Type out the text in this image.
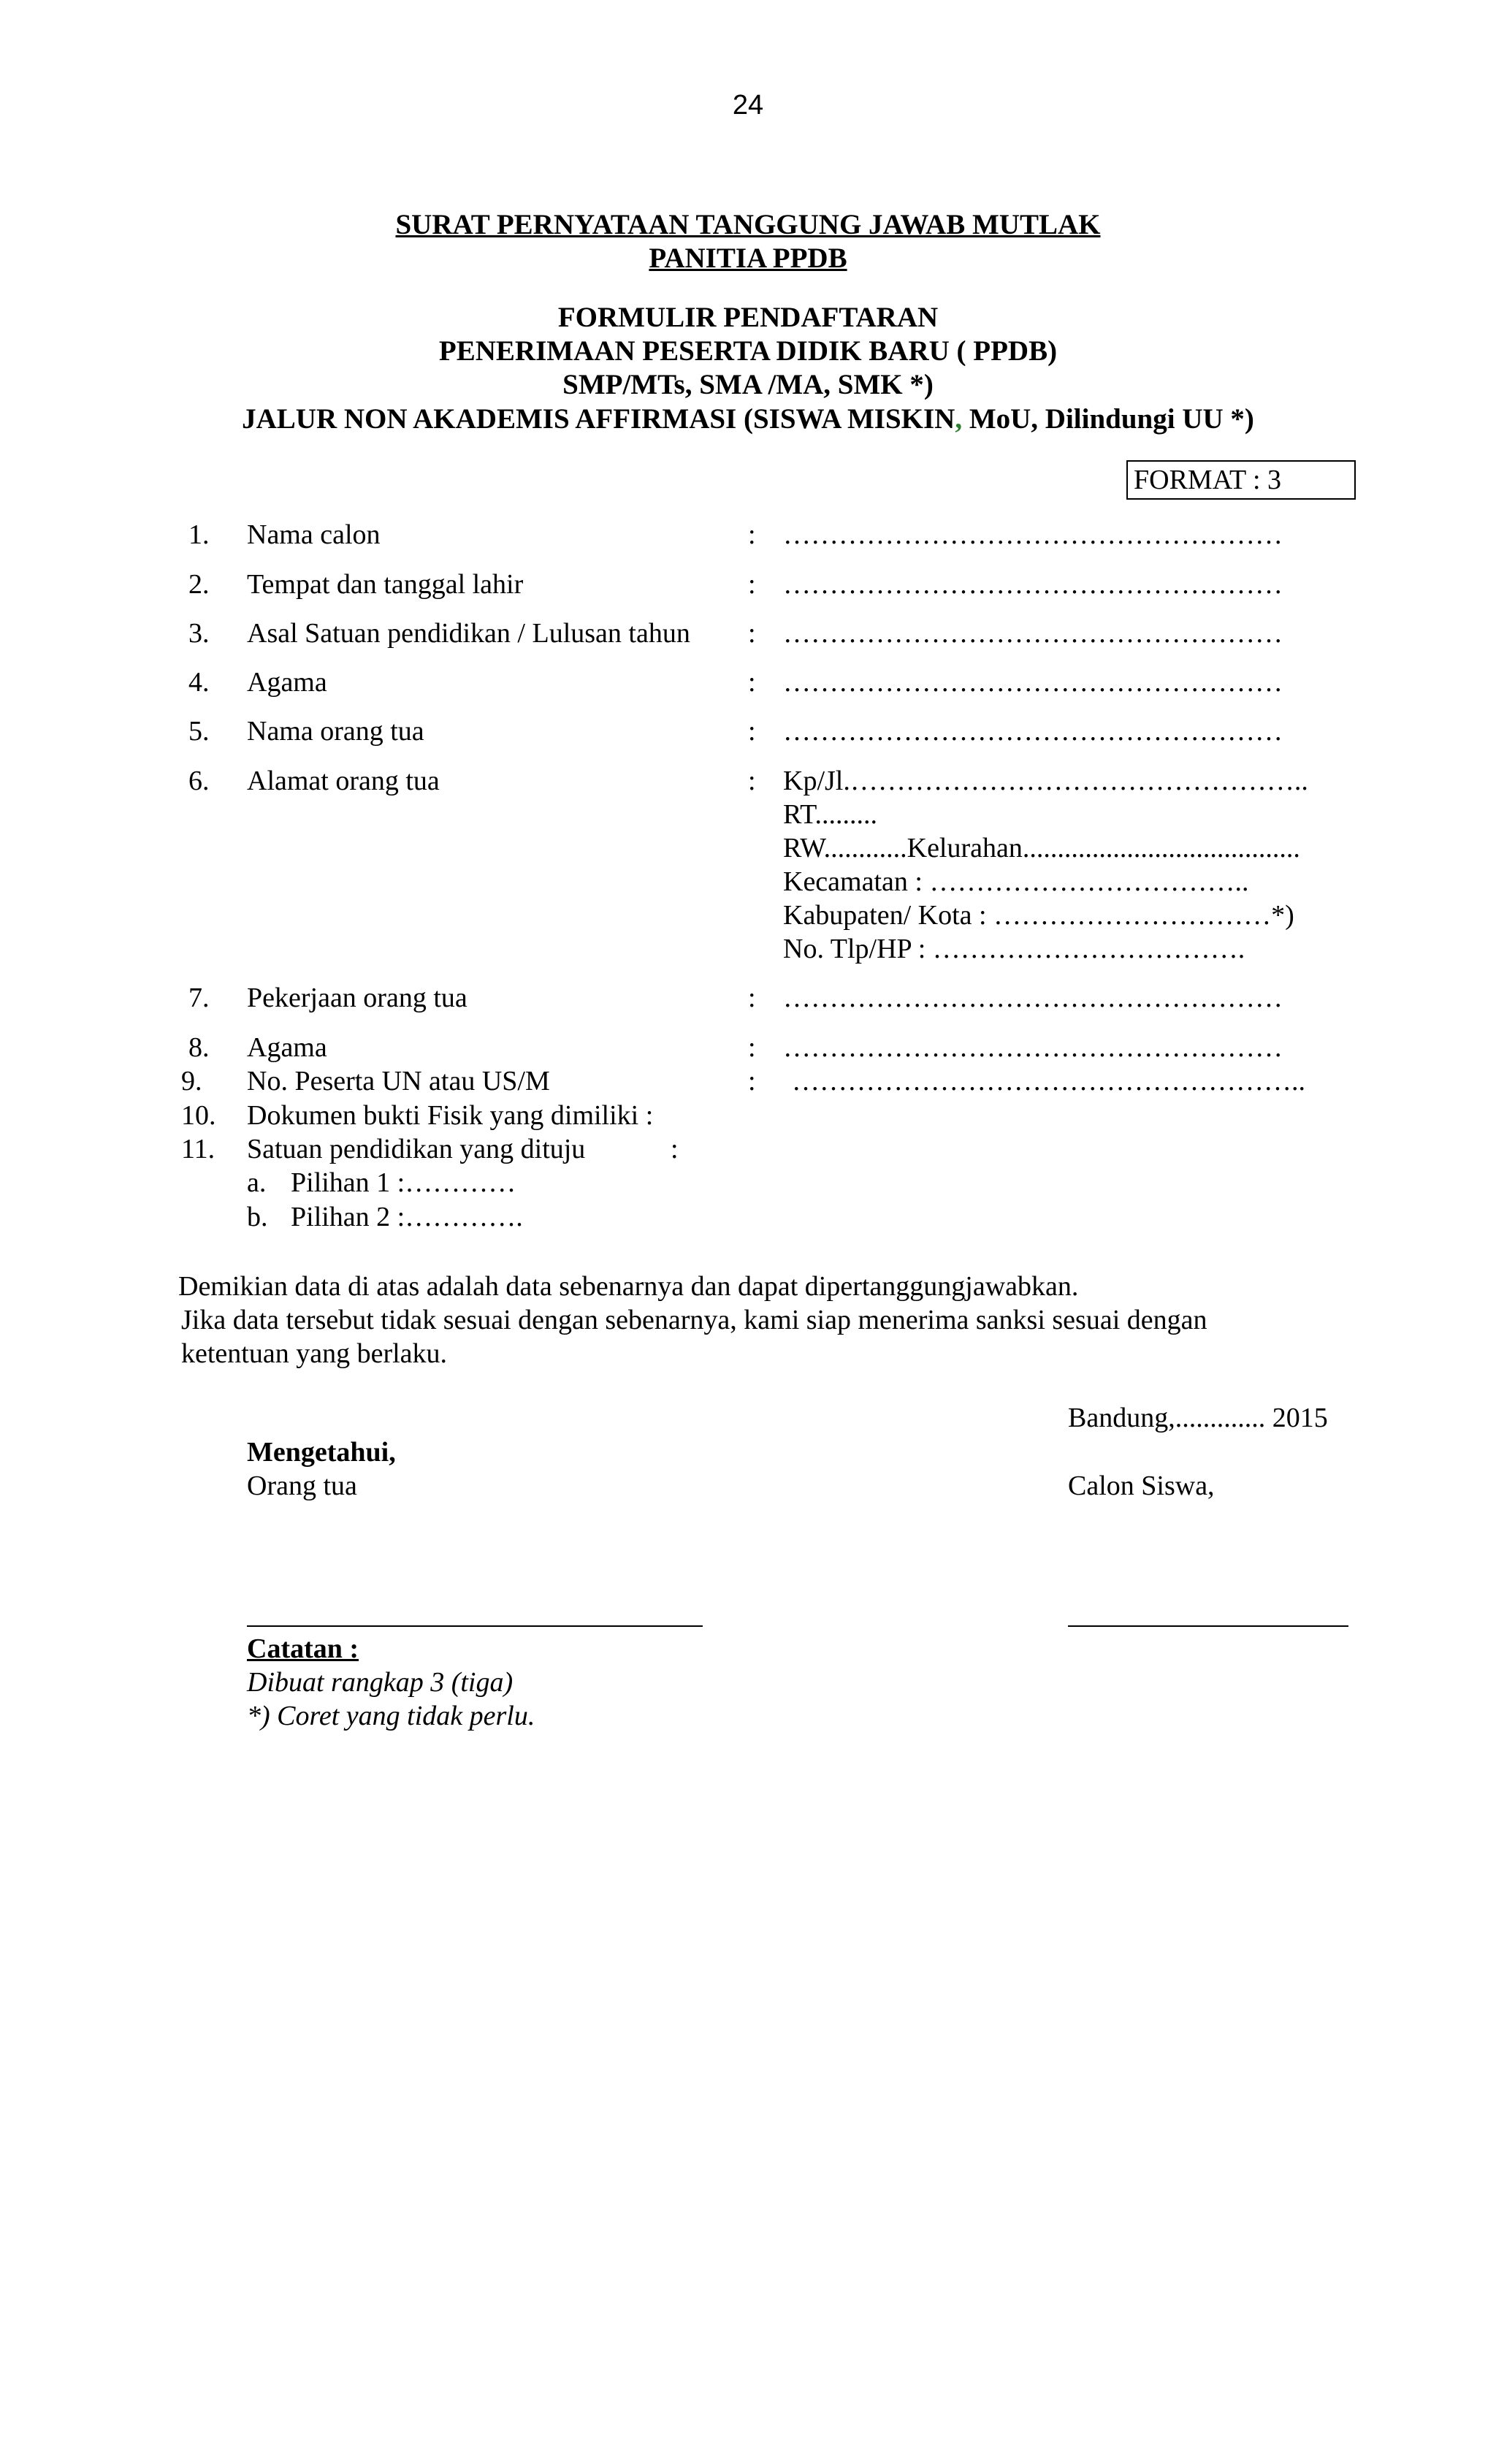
24
SURAT PERNYATAAN TANGGUNG JAWAB MUTLAK
PANITIA PPDB
FORMULIR PENDAFTARAN
PENERIMAAN PESERTA DIDIK BARU ( PPDB)
SMP/MTs, SMA /MA, SMK *)
JALUR NON AKADEMIS AFFIRMASI (SISWA MISKIN, MoU, Dilindungi UU *)
FORMAT : 3
1. Nama calon	: ………………………………………………
2. Tempat dan tanggal lahir	: ………………………………………………
3. Asal Satuan pendidikan / Lulusan tahun : ………………………………………………
4. Agama	: ………………………………………………
5. Nama orang tua	: ………………………………………………
6. Alamat orang tua	: Kp/Jl.…………………………………………..
RT.........
RW............Kelurahan........................................
Kecamatan : ……………………………..
Kabupaten/ Kota : …………………………*)
No. Tlp/HP : …………………………….
7. Pekerjaan orang tua	: ………………………………………………
8. Agama	: ………………………………………………
9. No. Peserta UN atau US/M	: ………………………………………………..
10. Dokumen bukti Fisik yang dimiliki :
11. Satuan pendidikan yang dituju	:
a. Pilihan 1 :…………
b. Pilihan 2 :………….
Demikian data di atas adalah data sebenarnya dan dapat dipertanggungjawabkan.
Jika data tersebut tidak sesuai dengan sebenarnya, kami siap menerima sanksi sesuai dengan
ketentuan yang berlaku.
Bandung,............. 2015
Mengetahui,
Orang tua	Calon Siswa,
Catatan :
Dibuat rangkap 3 (tiga)
*) Coret yang tidak perlu.
